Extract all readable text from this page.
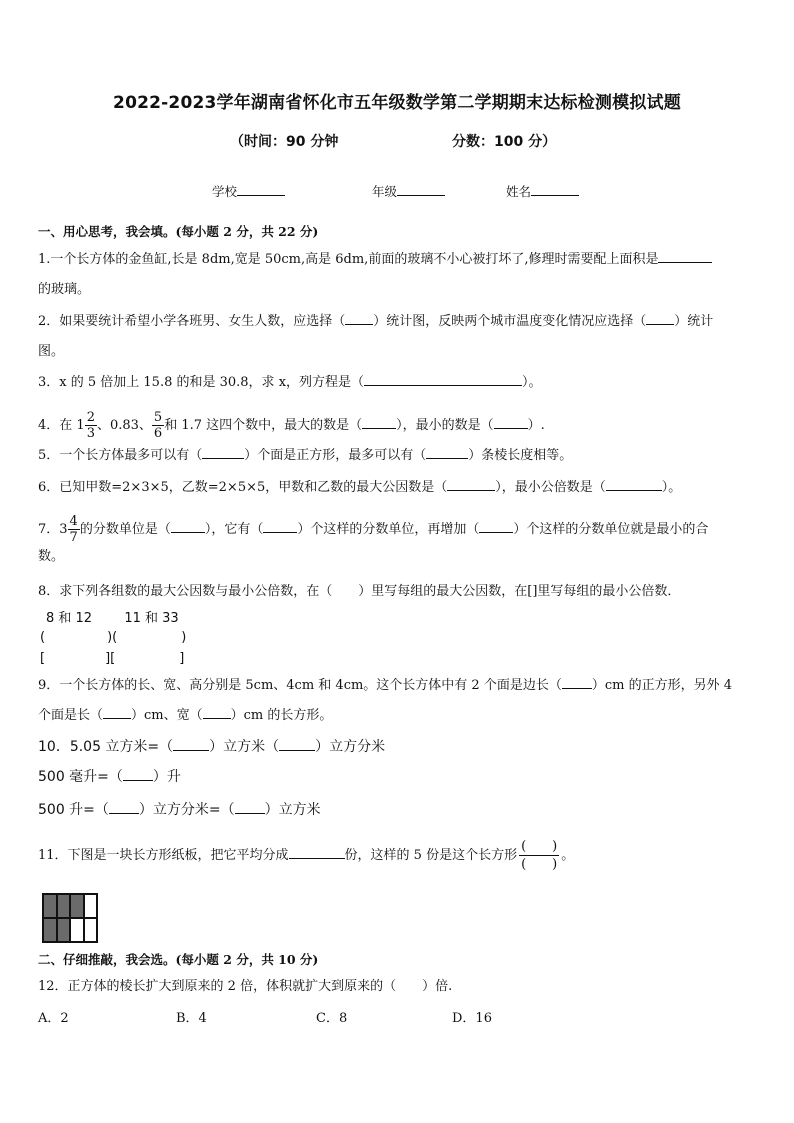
2022-2023学年湖南省怀化市五年级数学第二学期期末达标检测模拟试题
（时间：90 分钟	分数：100 分）
学校	年级	姓名
一、用心思考，我会填。(每小题 2 分，共 22 分)
1.一个长方体的金鱼缸,长是 8dm,宽是 50cm,高是 6dm,前面的玻璃不小心被打坏了,修理时需要配上面积是
的玻璃。
2．如果要统计希望小学各班男、女生人数，应选择（ ）统计图，反映两个城市温度变化情况应选择（ ）统计
图。
3．x 的 5 倍加上 15.8 的和是 30.8，求 x，列方程是（	）。
4．在 $1 \frac{2}{3}$ 、0.83、 $\frac{5}{6}$ 和 1.7 这四个数中，最大的数是（	），最小的数是（	）.
5．一个长方体最多可以有（	）个面是正方形，最多可以有（	）条棱长度相等。
6．已知甲数=2×3×5，乙数=2×5×5，甲数和乙数的最大公因数是（	），最小公倍数是（	）。
7．$3 \frac{4}{7}$ 的分数单位是（	），它有（	）个这样的分数单位，再增加（	）个这样的分数单位就是最小的合
数。
8．求下列各组数的最大公因数与最小公倍数，在（　　）里写每组的最大公因数，在[]里写每组的最小公倍数．
8 和 12 11 和 33
(	)(	)
[	][	]
9．一个长方体的长、宽、高分别是 5cm、4cm 和 4cm。这个长方体中有 2 个面是边长（ ）cm 的正方形，另外 4
个面是长（ ）cm、宽（ ）cm 的长方形。
10．5.05 立方米=（	）立方米（	）立方分米
500 毫升=（ ）升
500 升=（ ）立方分米=（ ）立方米
11．下图是一块长方形纸板，把它平均分成	份，这样的 5 份是这个长方形 $\frac{( )}{( )}$ 。
二、仔细推敲，我会选。(每小题 2 分，共 10 分)
12．正方体的棱长扩大到原来的 2 倍，体积就扩大到原来的（　　）倍.
A．2	B．4	C．8	D．16
